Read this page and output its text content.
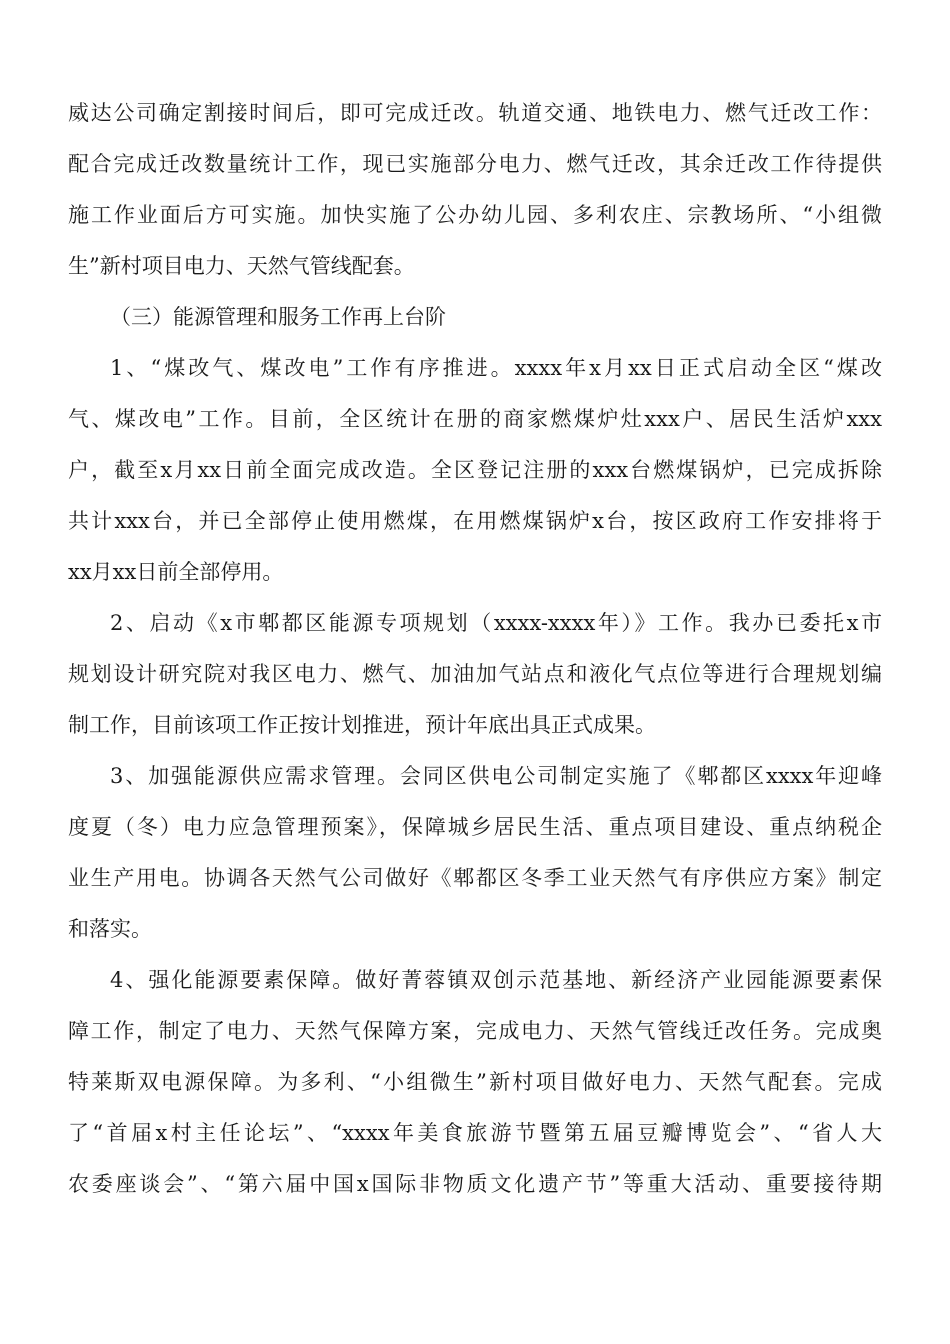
威达公司确定割接时间后，即可完成迁改。轨道交通、地铁电力、燃气迁改工作：
配合完成迁改数量统计工作，现已实施部分电力、燃气迁改，其余迁改工作待提供
施工作业面后方可实施。加快实施了公办幼儿园、多利农庄、宗教场所、“小组微
生”新村项目电力、天然气管线配套。
（三）能源管理和服务工作再上台阶
1、“煤改气、煤改电”工作有序推进。xxxx年x月xx日正式启动全区“煤改
气、煤改电”工作。目前，全区统计在册的商家燃煤炉灶xxx户、居民生活炉xxx
户，截至x月xx日前全面完成改造。全区登记注册的xxx台燃煤锅炉，已完成拆除
共计xxx台，并已全部停止使用燃煤，在用燃煤锅炉x台，按区政府工作安排将于
xx月xx日前全部停用。
2、启动《x市郫都区能源专项规划（xxxx-xxxx年）》工作。我办已委托x市
规划设计研究院对我区电力、燃气、加油加气站点和液化气点位等进行合理规划编
制工作，目前该项工作正按计划推进，预计年底出具正式成果。
3、加强能源供应需求管理。会同区供电公司制定实施了《郫都区xxxx年迎峰
度夏（冬）电力应急管理预案》，保障城乡居民生活、重点项目建设、重点纳税企
业生产用电。协调各天然气公司做好《郫都区冬季工业天然气有序供应方案》制定
和落实。
4、强化能源要素保障。做好菁蓉镇双创示范基地、新经济产业园能源要素保
障工作，制定了电力、天然气保障方案，完成电力、天然气管线迁改任务。完成奥
特莱斯双电源保障。为多利、“小组微生”新村项目做好电力、天然气配套。完成
了“首届x村主任论坛”、“xxxx年美食旅游节暨第五届豆瓣博览会”、“省人大
农委座谈会”、“第六届中国x国际非物质文化遗产节”等重大活动、重要接待期
